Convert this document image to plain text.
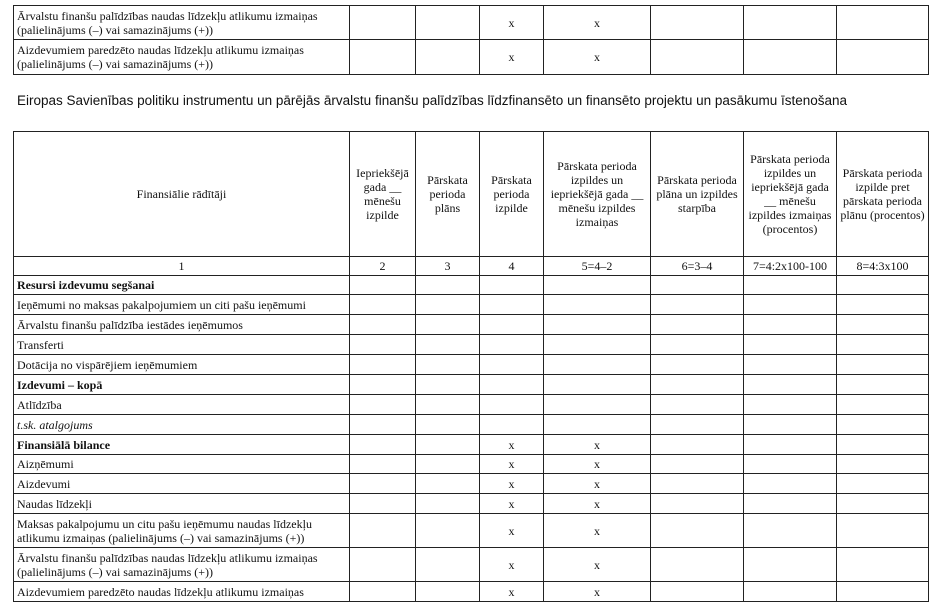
Ārvalstu finanšu palīdzības naudas līdzekļu atlikumu izmaiņas (palielinājums (–) vai samazinājums (+))			x	x			
Aizdevumiem paredzēto naudas līdzekļu atlikumu izmaiņas (palielinājums (–) vai samazinājums (+))			x	x			
Eiropas Savienības politiku instrumentu un pārējās ārvalstu finanšu palīdzības līdzfinansēto un finansēto projektu un pasākumu īstenošana
Finansiālie rādītāji	Iepriekšējā gada __ mēnešu izpilde	Pārskata perioda plāns	Pārskata perioda izpilde	Pārskata perioda izpildes un iepriekšējā gada __ mēnešu izpildes izmaiņas	Pārskata perioda plāna un izpildes starpība	Pārskata perioda izpildes un iepriekšējā gada __ mēnešu izpildes izmaiņas (procentos)	Pārskata perioda izpilde pret pārskata perioda plānu (procentos)
1	2	3	4	5=4–2	6=3–4	7=4:2x100-100	8=4:3x100
Resursi izdevumu segšanai							
Ieņēmumi no maksas pakalpojumiem un citi pašu ieņēmumi							
Ārvalstu finanšu palīdzība iestādes ieņēmumos							
Transferti							
Dotācija no vispārējiem ieņēmumiem							
Izdevumi – kopā							
Atlīdzība							
t.sk. atalgojums							
Finansiālā bilance			x	x			
Aizņēmumi			x	x			
Aizdevumi			x	x			
Naudas līdzekļi			x	x			
Maksas pakalpojumu un citu pašu ieņēmumu naudas līdzekļu atlikumu izmaiņas (palielinājums (–) vai samazinājums (+))			x	x			
Ārvalstu finanšu palīdzības naudas līdzekļu atlikumu izmaiņas (palielinājums (–) vai samazinājums (+))			x	x			
Aizdevumiem paredzēto naudas līdzekļu atlikumu izmaiņas			x	x			
